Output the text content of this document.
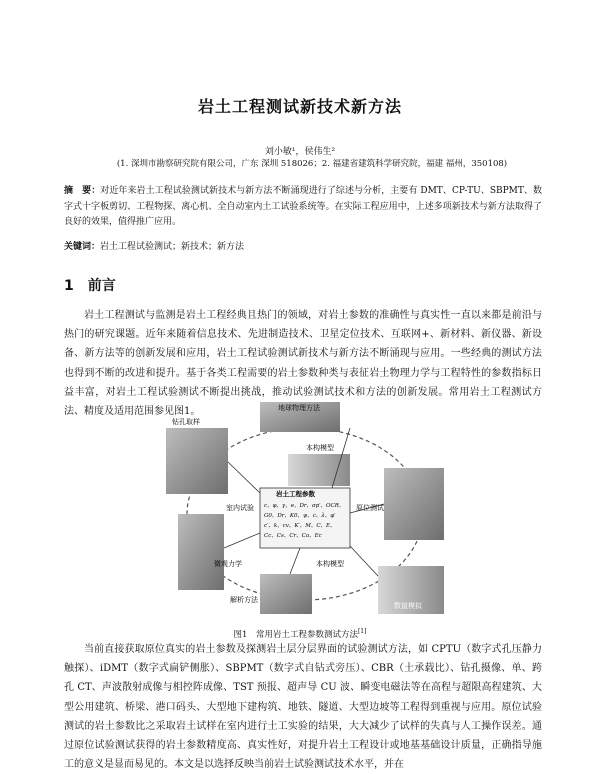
岩土工程测试新技术新方法
刘小敏¹，侯伟生²
(1. 深圳市勘察研究院有限公司，广东 深圳 518026；2. 福建省建筑科学研究院，福建 福州，350108)
摘　要：对近年来岩土工程试验测试新技术与新方法不断涌现进行了综述与分析，主要有 DMT、CP-TU、SBPMT、数字式十字板剪切、工程物探、离心机、全自动室内土工试验系统等。在实际工程应用中，上述多项新技术与新方法取得了良好的效果，值得推广应用。
关键词：岩土工程试验测试；新技术；新方法
1 前言
岩土工程测试与监测是岩土工程经典且热门的领域，对岩土参数的准确性与真实性一直以来都是前沿与热门的研究课题。近年来随着信息技术、先进制造技术、卫星定位技术、互联网+、新材料、新仪器、新设备、新方法等的创新发展和应用，岩土工程试验测试新技术与新方法不断涌现与应用。一些经典的测试方法也得到不断的改进和提升。基于各类工程需要的岩土参数种类与表征岩土物理力学与工程特性的参数指标日益丰富，对岩土工程试验测试不断提出挑战，推动试验测试技术和方法的创新发展。常用岩土工程测试方法、精度及适用范围参见图1。	地球物理方法
钻孔取样
本构模型
岩土工程参数
c、φ、γ、e、Dr、σp′、OCR、
G0、Dr、K0、ψ、c、λ、φ′
c′、k、cv、K′、M、C、E、
Cc、Cs、Cr、Ca、Ec
室内试验	原位测试
微观力学	本构模型
解析方法
数值模拟
图1　常用岩土工程参数测试方法[1]
当前直接获取原位真实的岩土参数及探测岩土层分层界面的试验测试方法，如 CPTU（数字式孔压静力触探）、iDMT（数字式扁铲侧胀）、SBPMT（数字式自钻式旁压）、CBR（土承载比）、钻孔摄像、单、跨孔 CT、声波散射成像与相控阵成像、TST 预报、超声导 CU 波、瞬变电磁法等在高程与超限高程建筑、大型公用建筑、桥梁、港口码头、大型地下建构筑、地铁、隧道、大型边坡等工程得到重视与应用。原位试验测试的岩土参数比之采取岩土试样在室内进行土工实验的结果，大大减少了试样的失真与人工操作误差。通过原位试验测试获得的岩土参数精度高、真实性好，对提升岩土工程设计或地基基础设计质量，正确指导施工的意义是显而易见的。本文是以选择反映当前岩土试验测试技术水平，并在
